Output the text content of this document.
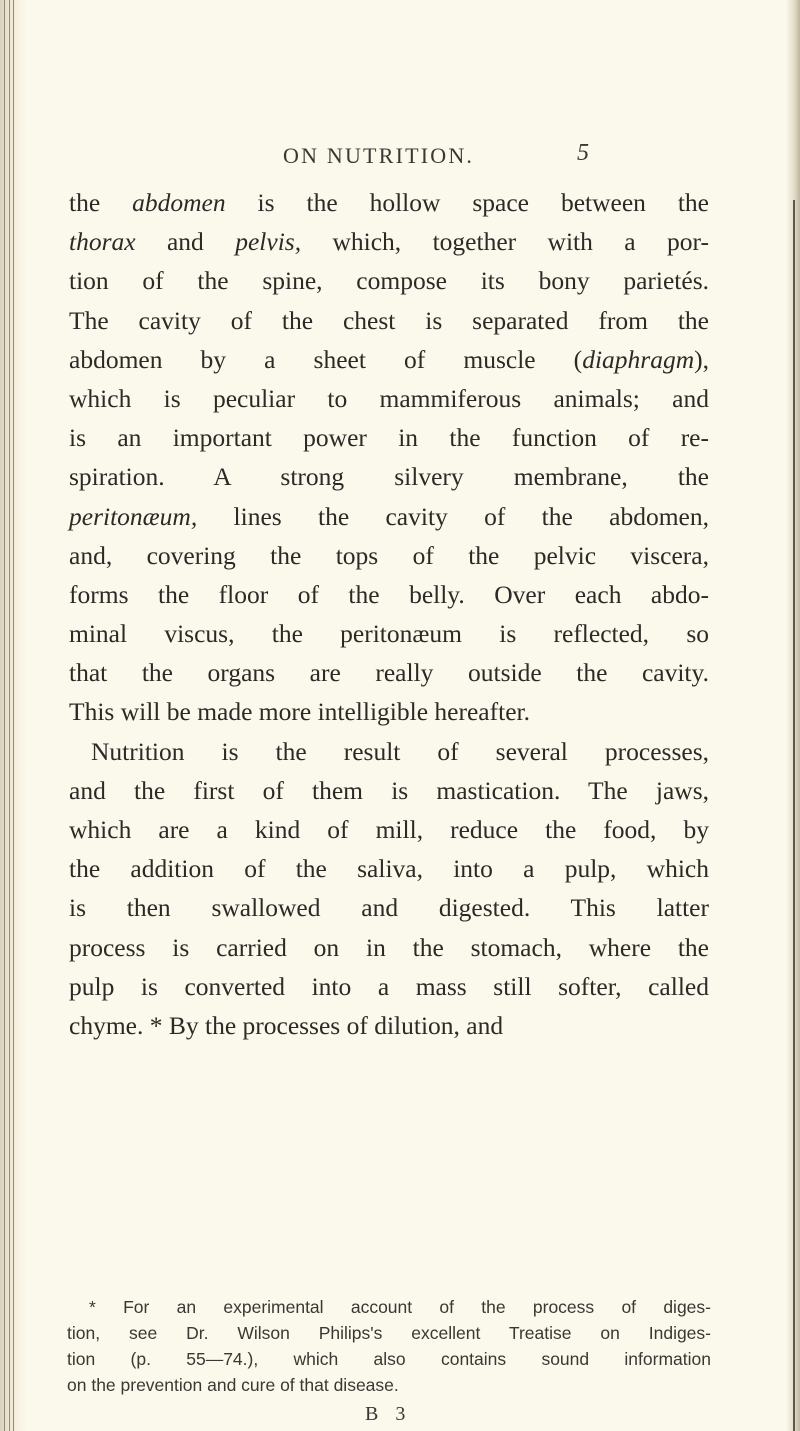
ON NUTRITION.	5
the abdomen is the hollow space between the
thorax and pelvis, which, together with a por-
tion of the spine, compose its bony parietés.
The cavity of the chest is separated from the
abdomen by a sheet of muscle (diaphragm),
which is peculiar to mammiferous animals; and
is an important power in the function of re-
spiration. A strong silvery membrane, the
peritonæum, lines the cavity of the abdomen,
and, covering the tops of the pelvic viscera,
forms the floor of the belly. Over each abdo-
minal viscus, the peritonæum is reflected, so
that the organs are really outside the cavity.
This will be made more intelligible hereafter.
Nutrition is the result of several processes,
and the first of them is mastication. The jaws,
which are a kind of mill, reduce the food, by
the addition of the saliva, into a pulp, which
is then swallowed and digested. This latter
process is carried on in the stomach, where the
pulp is converted into a mass still softer, called
chyme. * By the processes of dilution, and
* For an experimental account of the process of diges-
tion, see Dr. Wilson Philips's excellent Treatise on Indiges-
tion (p. 55—74.), which also contains sound information
on the prevention and cure of that disease.
B 3
